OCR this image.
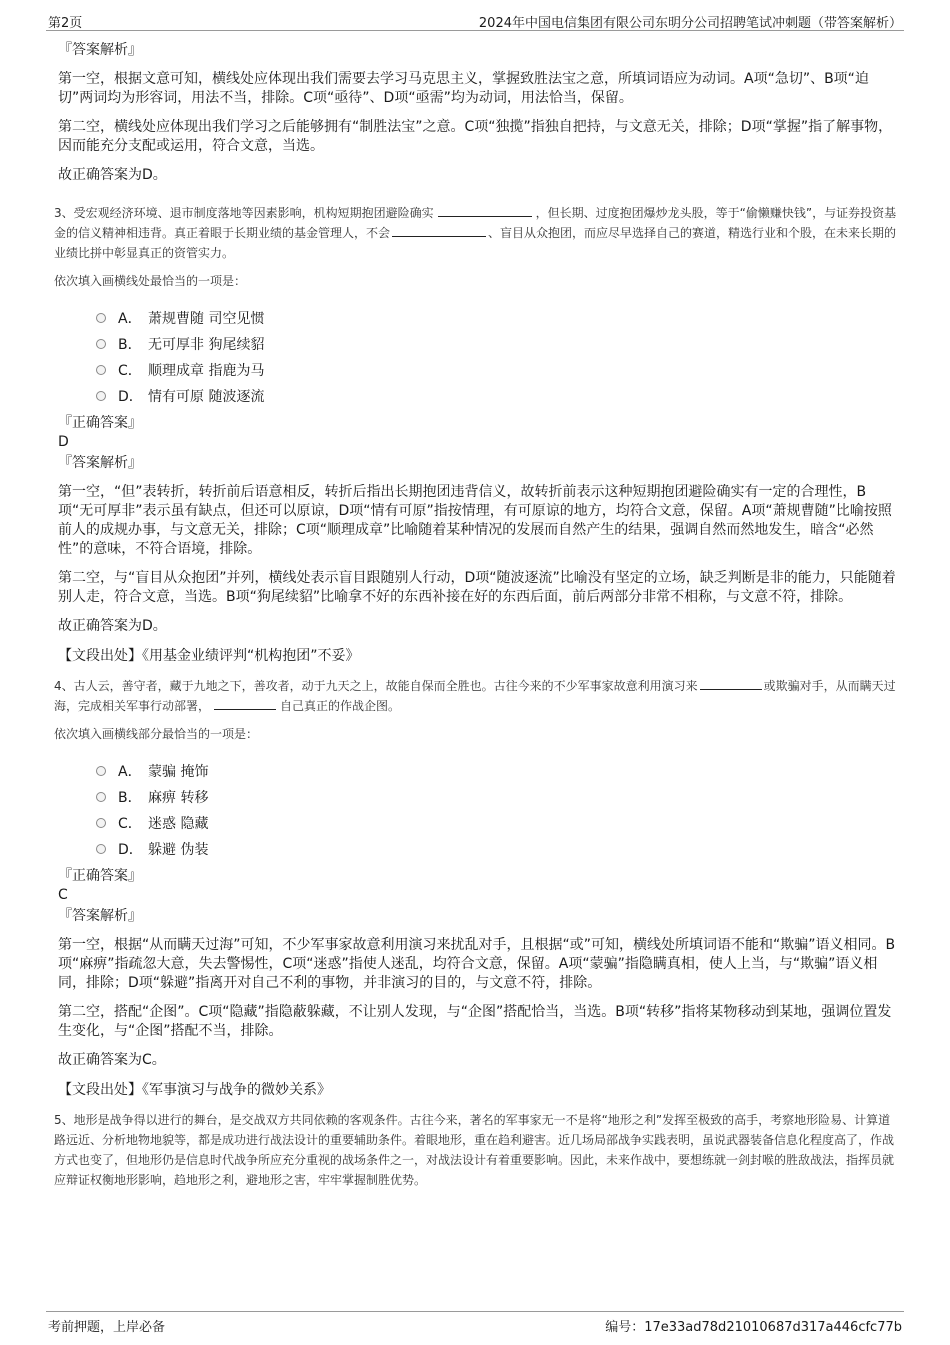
第2页	2024年中国电信集团有限公司东明分公司招聘笔试冲刺题（带答案解析）
『答案解析』

第一空，根据文意可知，横线处应体现出我们需要去学习马克思主义，掌握致胜法宝之意，所填词语应为动词。A项“急切”、B项“迫切”两词均为形容词，用法不当，排除。C项“亟待”、D项“亟需”均为动词，用法恰当，保留。

第二空，横线处应体现出我们学习之后能够拥有“制胜法宝”之意。C项“独揽”指独自把持，与文意无关，排除；D项“掌握”指了解事物，因而能充分支配或运用，符合文意，当选。

故正确答案为D。

3、受宏观经济环境、退市制度落地等因素影响，机构短期抱团避险确实	，但长期、过度抱团爆炒龙头股，等于“偷懒赚快钱”，与证券投资基金的信义精神相违背。真正着眼于长期业绩的基金管理人，不会	、盲目从众抱团，而应尽早选择自己的赛道，精选行业和个股，在未来长期的业绩比拼中彰显真正的资管实力。

依次填入画横线处最恰当的一项是：

A． 萧规曹随 司空见惯
B． 无可厚非 狗尾续貂
C． 顺理成章 指鹿为马
D． 情有可原 随波逐流
『正确答案』
D
『答案解析』

第一空，“但”表转折，转折前后语意相反，转折后指出长期抱团违背信义，故转折前表示这种短期抱团避险确实有一定的合理性，B项“无可厚非”表示虽有缺点，但还可以原谅，D项“情有可原”指按情理，有可原谅的地方，均符合文意，保留。A项“萧规曹随”比喻按照前人的成规办事，与文意无关，排除；C项“顺理成章”比喻随着某种情况的发展而自然产生的结果，强调自然而然地发生，暗含“必然性”的意味，不符合语境，排除。

第二空，与“盲目从众抱团”并列，横线处表示盲目跟随别人行动，D项“随波逐流”比喻没有坚定的立场，缺乏判断是非的能力，只能随着别人走，符合文意，当选。B项“狗尾续貂”比喻拿不好的东西补接在好的东西后面，前后两部分非常不相称，与文意不符，排除。

故正确答案为D。

【文段出处】《用基金业绩评判“机构抱团”不妥》

4、古人云，善守者，藏于九地之下，善攻者，动于九天之上，故能自保而全胜也。古往今来的不少军事家故意利用演习来	或欺骗对手，从而瞒天过海，完成相关军事行动部署，	自己真正的作战企图。

依次填入画横线部分最恰当的一项是：

A． 蒙骗 掩饰
B． 麻痹 转移
C． 迷惑 隐藏
D． 躲避 伪装
『正确答案』
C
『答案解析』

第一空，根据“从而瞒天过海”可知，不少军事家故意利用演习来扰乱对手，且根据“或”可知，横线处所填词语不能和“欺骗”语义相同。B项“麻痹”指疏忽大意，失去警惕性，C项“迷惑”指使人迷乱，均符合文意，保留。A项“蒙骗”指隐瞒真相，使人上当，与“欺骗”语义相同，排除；D项“躲避”指离开对自己不利的事物，并非演习的目的，与文意不符，排除。

第二空，搭配“企图”。C项“隐藏”指隐蔽躲藏，不让别人发现，与“企图”搭配恰当，当选。B项“转移”指将某物移动到某地，强调位置发生变化，与“企图”搭配不当，排除。

故正确答案为C。

【文段出处】《军事演习与战争的微妙关系》

5、地形是战争得以进行的舞台，是交战双方共同依赖的客观条件。古往今来，著名的军事家无一不是将“地形之利”发挥至极致的高手，考察地形险易、计算道路远近、分析地物地貌等，都是成功进行战法设计的重要辅助条件。着眼地形，重在趋利避害。近几场局部战争实践表明，虽说武器装备信息化程度高了，作战方式也变了，但地形仍是信息时代战争所应充分重视的战场条件之一，对战法设计有着重要影响。因此，未来作战中，要想练就一剑封喉的胜敌战法，指挥员就应辩证权衡地形影响，趋地形之利，避地形之害，牢牢掌握制胜优势。

考前押题，上岸必备	编号：17e33ad78d21010687d317a446cfc77b
